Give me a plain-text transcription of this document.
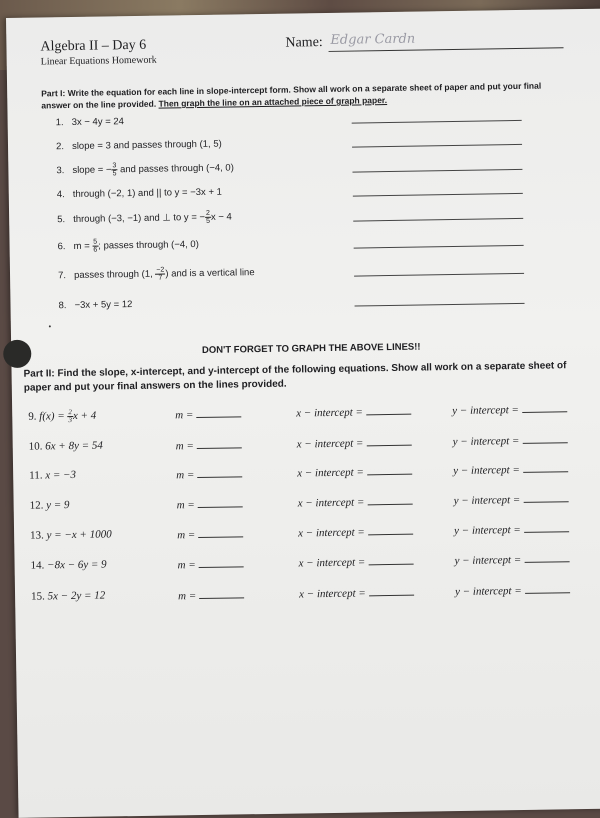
Algebra II – Day 6
Linear Equations Homework
Name: Edgar Cardn
Part I: Write the equation for each line in slope-intercept form. Show all work on a separate sheet of paper and put your final answer on the line provided. Then graph the line on an attached piece of graph paper.
1. 3x − 4y = 24
2. slope = 3 and passes through (1, 5)
3. slope = − $\frac{3}{5}$ and passes through (−4, 0)
4. through (−2, 1) and || to y = −3x + 1
5. through (−3, −1) and ⊥ to y = − $\frac{2}{5}$ x − 4
6. $m = \frac{5}{6}$ ; passes through (−4, 0)
7. passes through (1, $\frac{-2}{7}$ ) and is a vertical line
8. −3x + 5y = 12
DON'T FORGET TO GRAPH THE ABOVE LINES!!
Part II: Find the slope, x-intercept, and y-intercept of the following equations. Show all work on a separate sheet of paper and put your final answers on the lines provided.
9. $f(x) = \frac{2}{3}$ x + 4	m =	x − intercept =	y − intercept =
10. 6x + 8y = 54	m =	x − intercept =	y − intercept =
11. x = −3	m =	x − intercept =	y − intercept =
12. y = 9	m =	x − intercept =	y − intercept =
13. y = −x + 1000	m =	x − intercept =	y − intercept =
14. −8x − 6y = 9	m =	x − intercept =	y − intercept =
15. 5x − 2y = 12	m =	x − intercept =	y − intercept =
